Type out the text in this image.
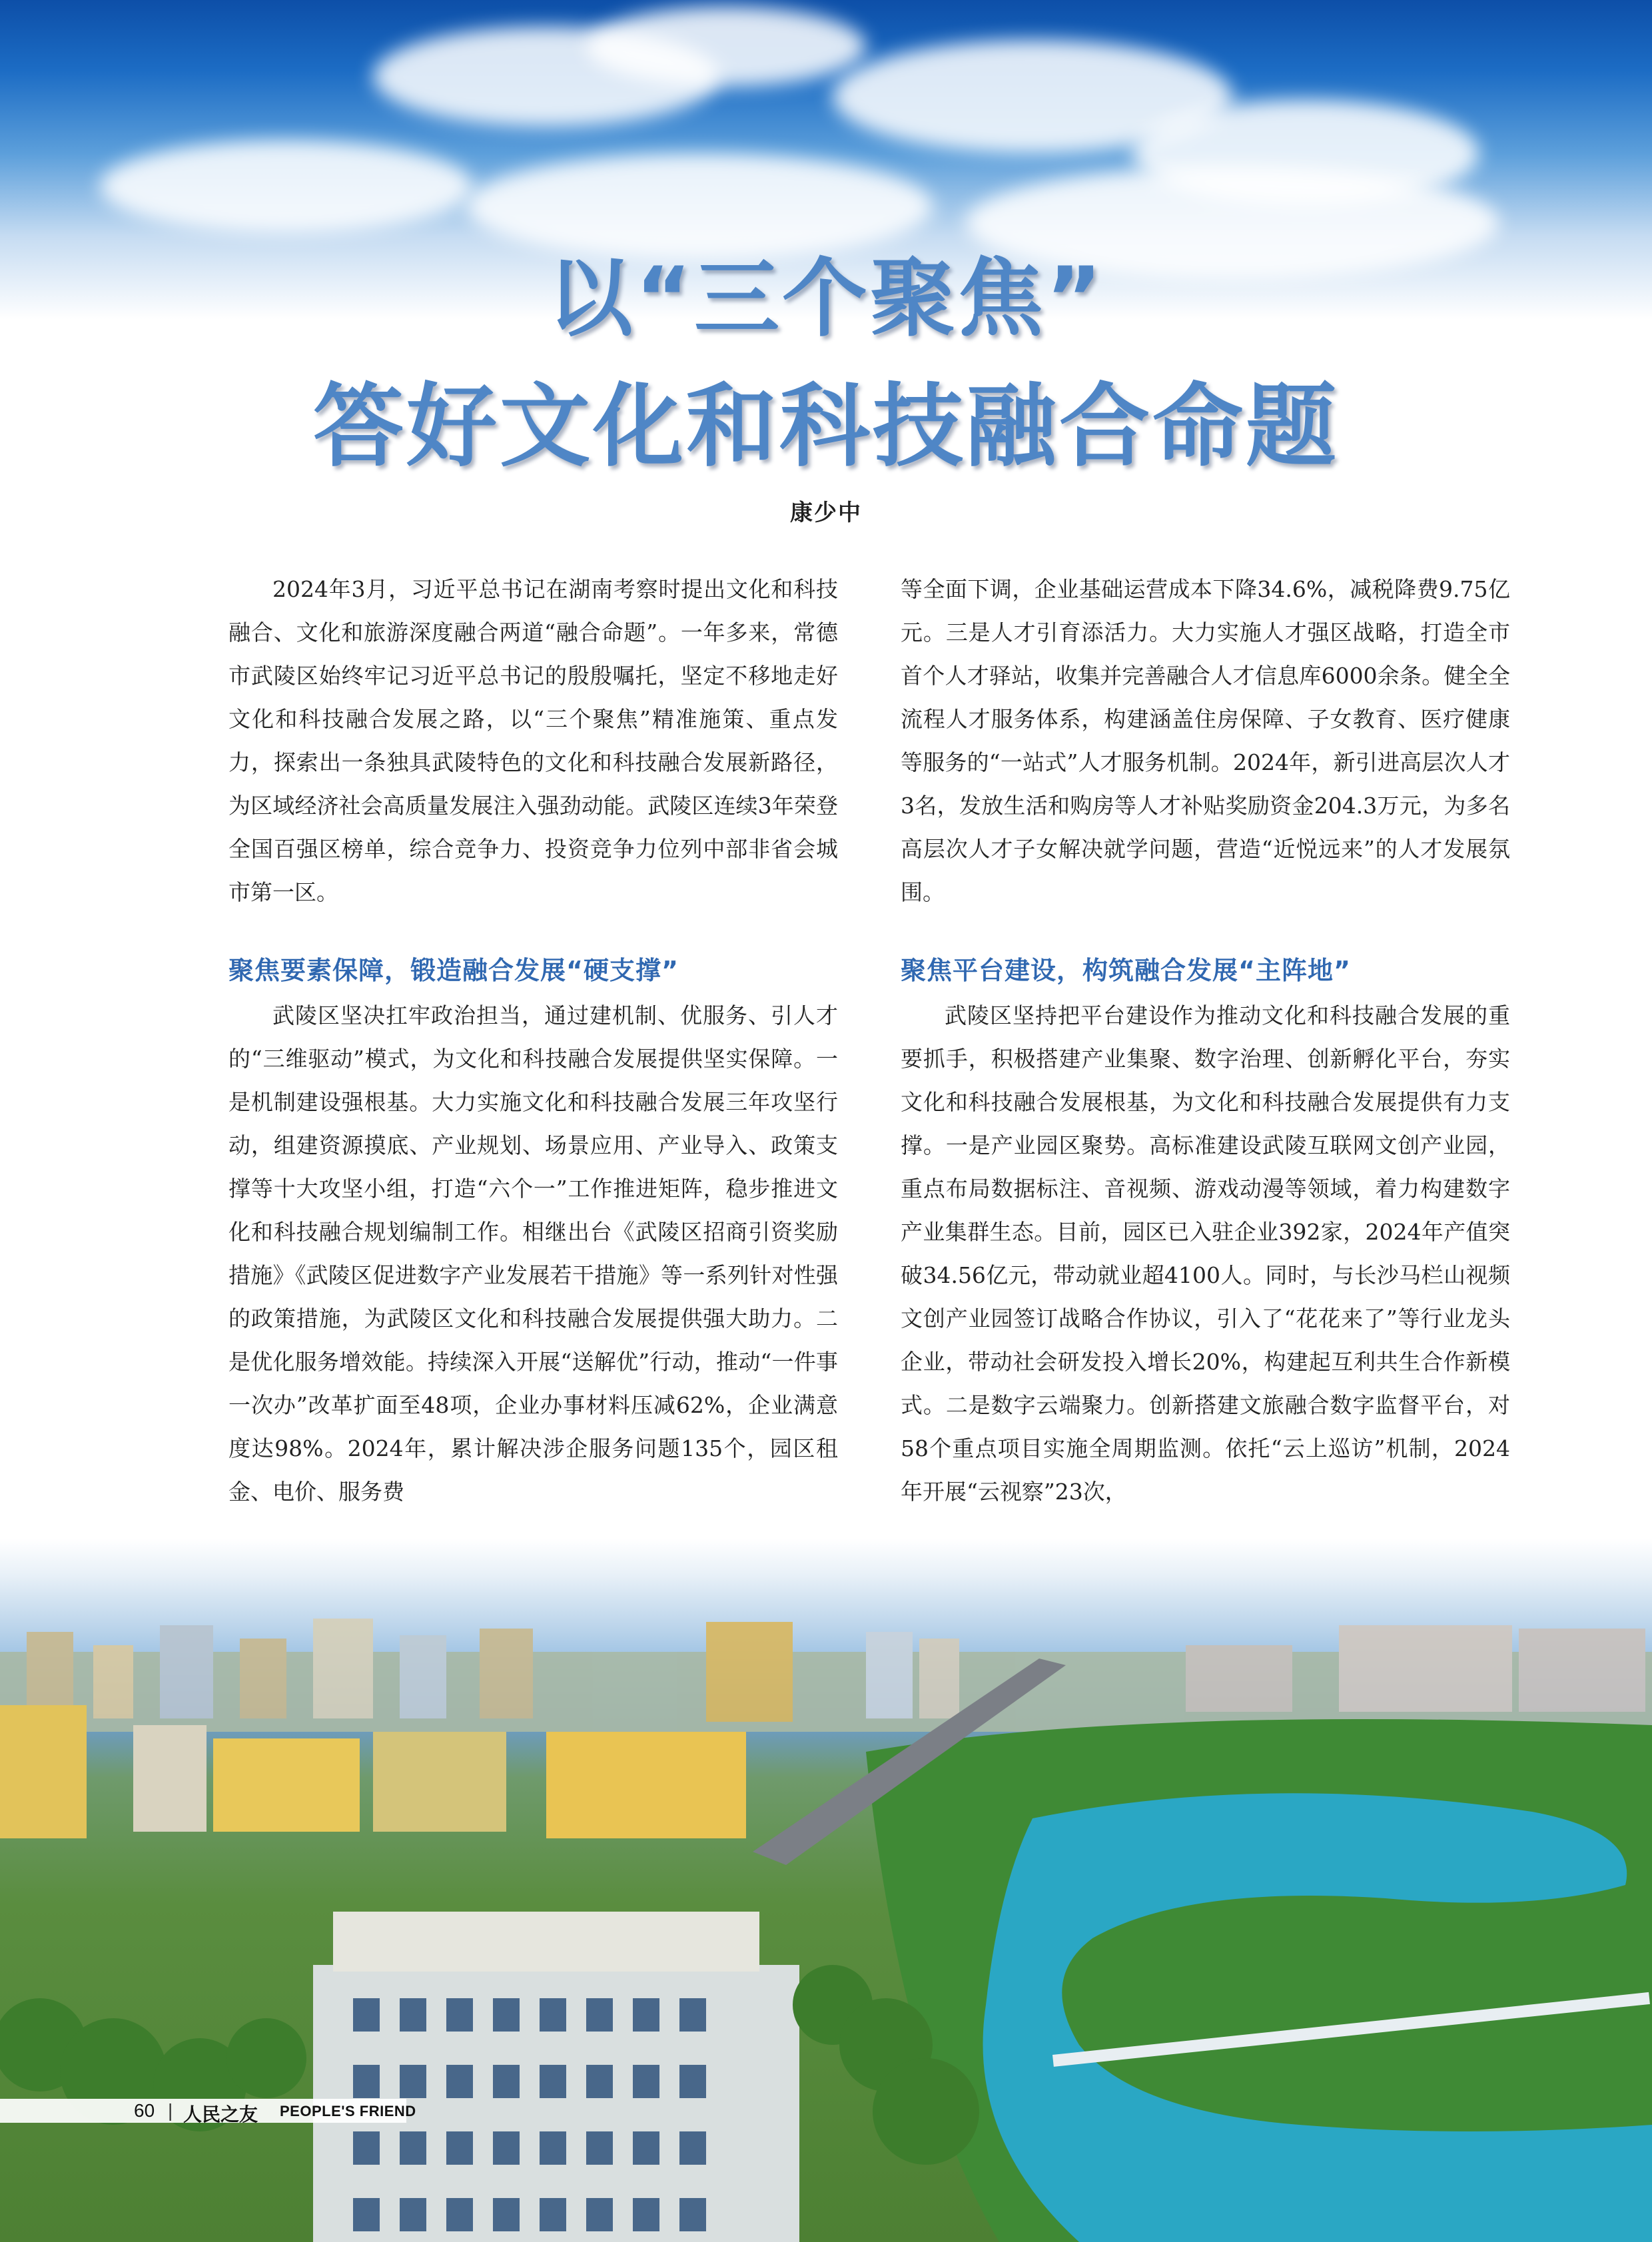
以“三个聚焦”
答好文化和科技融合命题
康少中

2024年3月，习近平总书记在湖南考察时提出文化和科技融合、文化和旅游深度融合两道“融合命题”。一年多来，常德市武陵区始终牢记习近平总书记的殷殷嘱托，坚定不移地走好文化和科技融合发展之路，以“三个聚焦”精准施策、重点发力，探索出一条独具武陵特色的文化和科技融合发展新路径，为区域经济社会高质量发展注入强劲动能。武陵区连续3年荣登全国百强区榜单，综合竞争力、投资竞争力位列中部非省会城市第一区。

聚焦要素保障，锻造融合发展“硬支撑”

武陵区坚决扛牢政治担当，通过建机制、优服务、引人才的“三维驱动”模式，为文化和科技融合发展提供坚实保障。一是机制建设强根基。大力实施文化和科技融合发展三年攻坚行动，组建资源摸底、产业规划、场景应用、产业导入、政策支撑等十大攻坚小组，打造“六个一”工作推进矩阵，稳步推进文化和科技融合规划编制工作。相继出台《武陵区招商引资奖励措施》《武陵区促进数字产业发展若干措施》等一系列针对性强的政策措施，为武陵区文化和科技融合发展提供强大助力。二是优化服务增效能。持续深入开展“送解优”行动，推动“一件事一次办”改革扩面至48项，企业办事材料压减62%，企业满意度达98%。2024年，累计解决涉企服务问题135个，园区租金、电价、服务费

等全面下调，企业基础运营成本下降34.6%，减税降费9.75亿元。三是人才引育添活力。大力实施人才强区战略，打造全市首个人才驿站，收集并完善融合人才信息库6000余条。健全全流程人才服务体系，构建涵盖住房保障、子女教育、医疗健康等服务的“一站式”人才服务机制。2024年，新引进高层次人才3名，发放生活和购房等人才补贴奖励资金204.3万元，为多名高层次人才子女解决就学问题，营造“近悦远来”的人才发展氛围。

聚焦平台建设，构筑融合发展“主阵地”

武陵区坚持把平台建设作为推动文化和科技融合发展的重要抓手，积极搭建产业集聚、数字治理、创新孵化平台，夯实文化和科技融合发展根基，为文化和科技融合发展提供有力支撑。一是产业园区聚势。高标准建设武陵互联网文创产业园，重点布局数据标注、音视频、游戏动漫等领域，着力构建数字产业集群生态。目前，园区已入驻企业392家，2024年产值突破34.56亿元，带动就业超4100人。同时，与长沙马栏山视频文创产业园签订战略合作协议，引入了“花花来了”等行业龙头企业，带动社会研发投入增长20%，构建起互利共生合作新模式。二是数字云端聚力。创新搭建文旅融合数字监督平台，对58个重点项目实施全周期监测。依托“云上巡访”机制，2024年开展“云视察”23次，

60 | 人民之友 PEOPLE'S FRIEND
